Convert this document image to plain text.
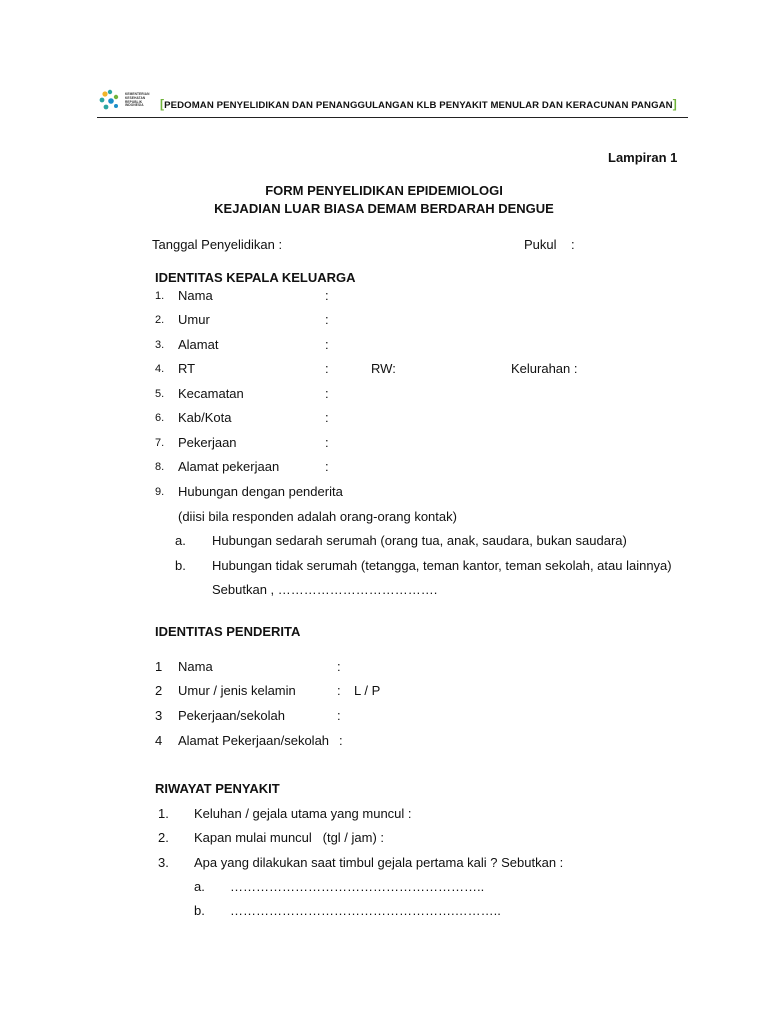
KEMENTERIAN
KESEHATAN
REPUBLIK
INDONESIA	[PEDOMAN PENYELIDIKAN DAN PENANGGULANGAN KLB PENYAKIT MENULAR DAN KERACUNAN PANGAN]
Lampiran 1
FORM PENYELIDIKAN EPIDEMIOLOGI
KEJADIAN LUAR BIASA DEMAM BERDARAH DENGUE
Tanggal Penyelidikan :	Pukul :
IDENTITAS KEPALA KELUARGA
1. Nama	:
2. Umur	:
3. Alamat	:
4. RT	:	RW:	Kelurahan :
5. Kecamatan	:
6. Kab/Kota	:
7. Pekerjaan	:
8. Alamat pekerjaan	:
9. Hubungan dengan penderita
(diisi bila responden adalah orang-orang kontak)
a. Hubungan sedarah serumah (orang tua, anak, saudara, bukan saudara)
b. Hubungan tidak serumah (tetangga, teman kantor, teman sekolah, atau lainnya)
Sebutkan , ……………………………….
IDENTITAS PENDERITA
1 Nama	:
2 Umur / jenis kelamin	: L / P
3 Pekerjaan/sekolah	:
4 Alamat Pekerjaan/sekolah :
RIWAYAT PENYAKIT
1. Keluhan / gejala utama yang muncul :
2. Kapan mulai muncul   (tgl / jam) :
3. Apa yang dilakukan saat timbul gejala pertama kali ? Sebutkan :
a. …………………………………………………..
b. …………………………………………….………..
